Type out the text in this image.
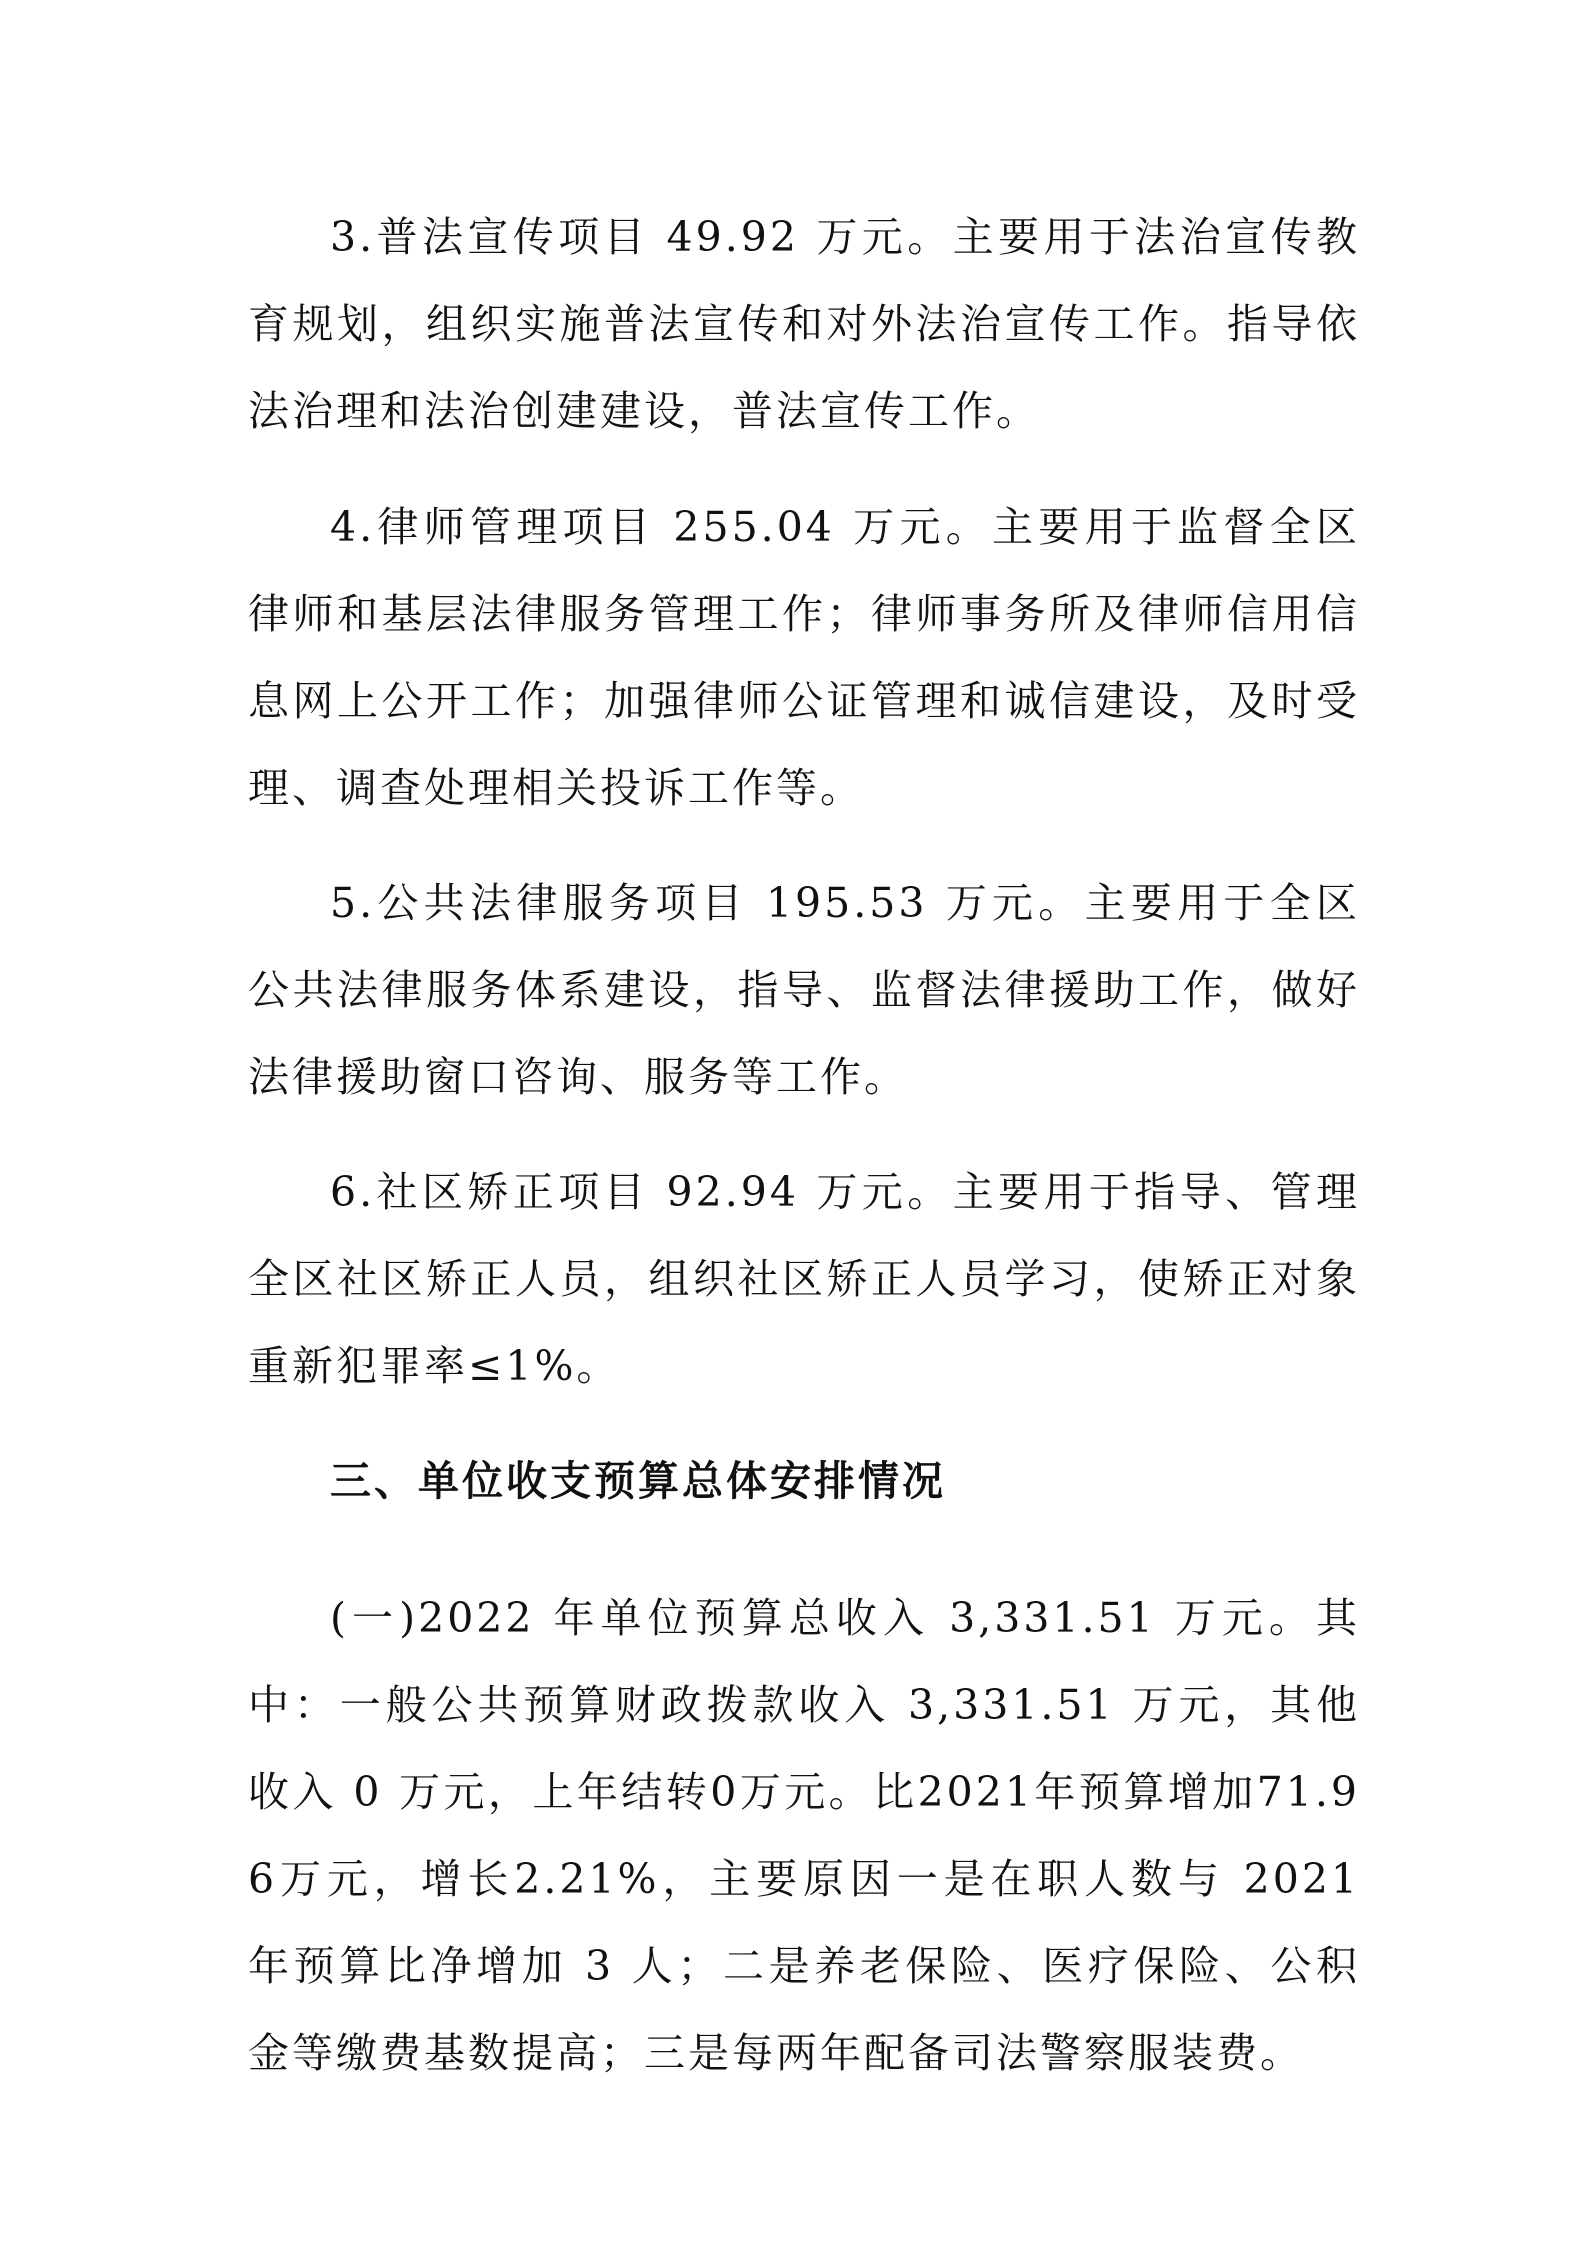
3.普法宣传项目 49.92 万元。主要用于法治宣传教育规划，组织实施普法宣传和对外法治宣传工作。指导依法治理和法治创建建设，普法宣传工作。

4.律师管理项目 255.04 万元。主要用于监督全区律师和基层法律服务管理工作；律师事务所及律师信用信息网上公开工作；加强律师公证管理和诚信建设，及时受理、调查处理相关投诉工作等。

5.公共法律服务项目 195.53 万元。主要用于全区公共法律服务体系建设，指导、监督法律援助工作，做好法律援助窗口咨询、服务等工作。

6.社区矫正项目 92.94 万元。主要用于指导、管理全区社区矫正人员，组织社区矫正人员学习，使矫正对象重新犯罪率≤1%。

三、单位收支预算总体安排情况

(一)2022 年单位预算总收入 3,331.51 万元。其中：一般公共预算财政拨款收入 3,331.51 万元，其他收入 0 万元，上年结转0万元。比2021年预算增加71.96万元，增长2.21%，主要原因一是在职人数与 2021 年预算比净增加 3 人；二是养老保险、医疗保险、公积金等缴费基数提高；三是每两年配备司法警察服装费。
